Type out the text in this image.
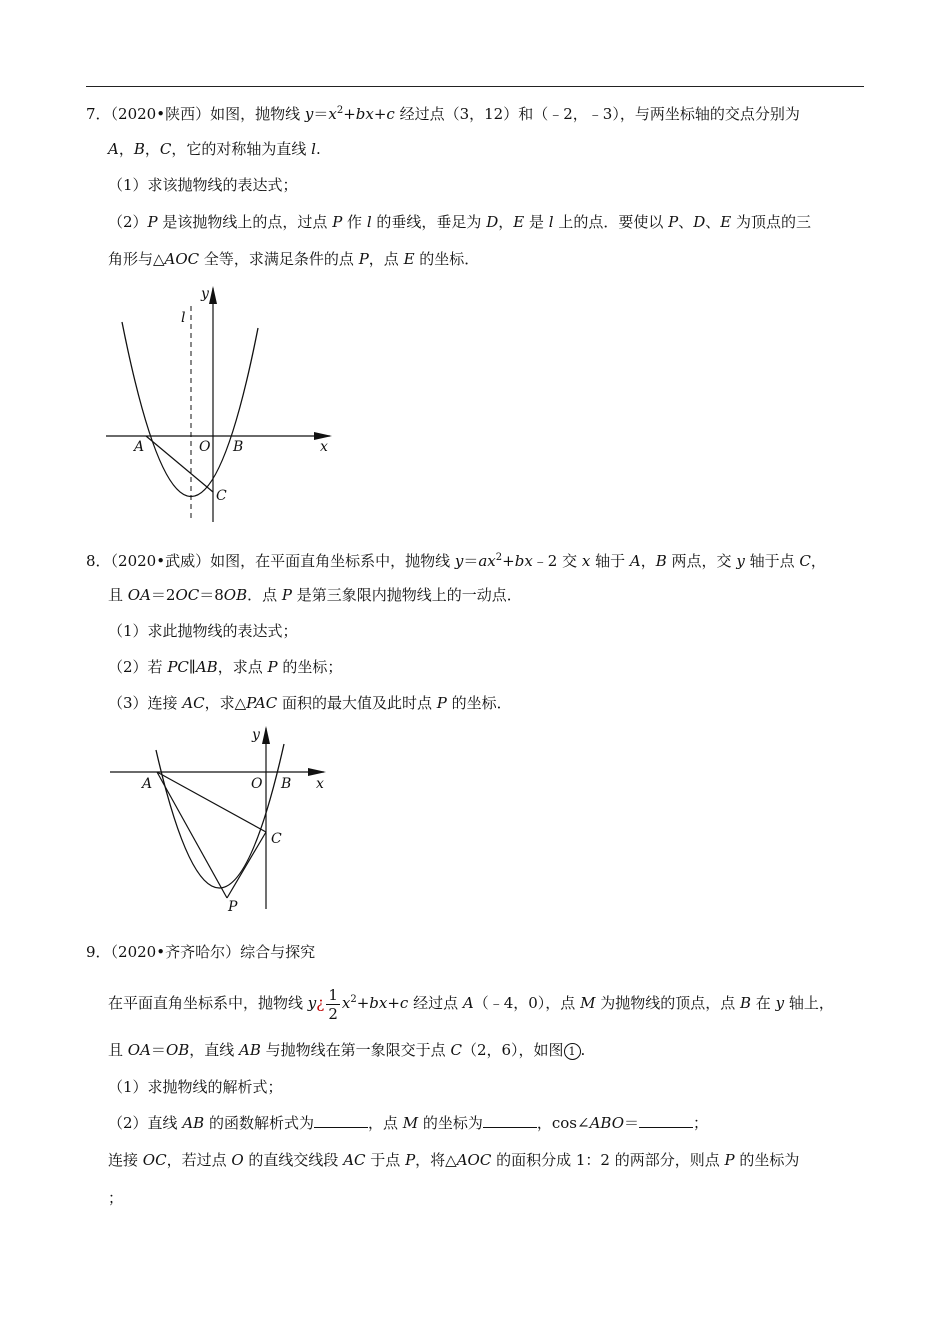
7．（2020•陕西）如图，抛物线 $y=x^2+bx+c$ 经过点（3，12）和（﹣2，﹣3），与两坐标轴的交点分别为
A，B，C，它的对称轴为直线 l.
（1）求该抛物线的表达式；
（2）P 是该抛物线上的点，过点 P 作 l 的垂线，垂足为 D，E 是 l 上的点．要使以 P、D、E 为顶点的三
角形与△AOC 全等，求满足条件的点 P，点 E 的坐标．
y
l
x
A	O B
C
8．（2020•武威）如图，在平面直角坐标系中，抛物线 $y=ax^2+bx﹣2$ 交 x 轴于 A，B 两点，交 y 轴于点 C，
且 OA＝2OC＝8OB．点 P 是第三象限内抛物线上的一动点．
（1）求此抛物线的表达式；
（2）若 PC∥AB，求点 P 的坐标；
（3）连接 AC，求△PAC 面积的最大值及此时点 P 的坐标．
y
x
A	O B
C
P
9．（2020•齐齐哈尔）综合与探究
在平面直角坐标系中，抛物线 y¿ $\frac{1}{2} x^2+bx+c$ 经过点 A（﹣4，0），点 M 为抛物线的顶点，点 B 在 y 轴上，
且 OA＝OB，直线 AB 与抛物线在第一象限交于点 C（2，6），如图 1 .
（1）求抛物线的解析式；
（2）直线 AB 的函数解析式为	，点 M 的坐标为	，cos∠ABO＝	；
连接 OC，若过点 O 的直线交线段 AC 于点 P，将△AOC 的面积分成 1：2 的两部分，则点 P 的坐标为
；
